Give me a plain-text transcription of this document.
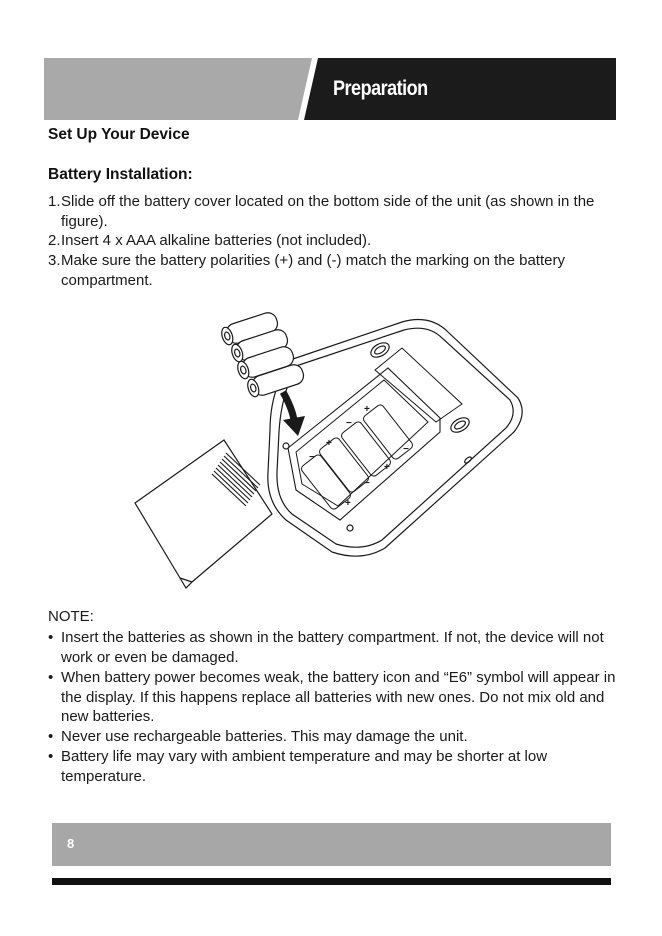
Preparation
Set Up Your Device
Battery Installation:
1. Slide off the battery cover located on the bottom side of the unit (as shown in the figure).
2. Insert 4 x AAA alkaline batteries (not included).
3. Make sure the battery polarities (+) and (-) match the marking on the battery compartment.
+
−
+
−
+
−
+
−
NOTE:
• Insert the batteries as shown in the battery compartment. If not, the device will not work or even be damaged.
• When battery power becomes weak, the battery icon and “E6” symbol will appear in the display. If this happens replace all batteries with new ones. Do not mix old and new batteries.
• Never use rechargeable batteries. This may damage the unit.
• Battery life may vary with ambient temperature and may be shorter at low temperature.
8
